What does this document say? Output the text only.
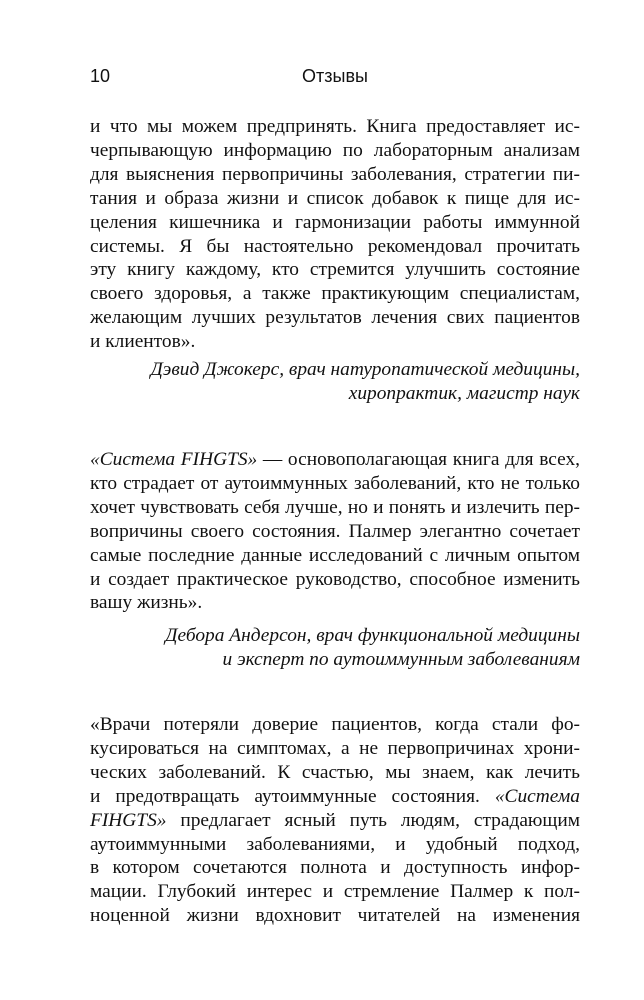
10	Отзывы
и что мы можем предпринять. Книга предоставляет ис-
черпывающую информацию по лабораторным анализам
для выяснения первопричины заболевания, стратегии пи-
тания и образа жизни и список добавок к пище для ис-
целения кишечника и гармонизации работы иммунной
системы. Я бы настоятельно рекомендовал прочитать
эту книгу каждому, кто стремится улучшить состояние
своего здоровья, а также практикующим специалистам,
желающим лучших результатов лечения свих пациентов
и клиентов».
Дэвид Джокерс, врач натуропатической медицины,
хиропрактик, магистр наук
«Система FIHGTS» — основополагающая книга для всех,
кто страдает от аутоиммунных заболеваний, кто не только
хочет чувствовать себя лучше, но и понять и излечить пер-
вопричины своего состояния. Палмер элегантно сочетает
самые последние данные исследований с личным опытом
и создает практическое руководство, способное изменить
вашу жизнь».
Дебора Андерсон, врач функциональной медицины
и эксперт по аутоиммунным заболеваниям
«Врачи потеряли доверие пациентов, когда стали фо-
кусироваться на симптомах, а не первопричинах хрони-
ческих заболеваний. К счастью, мы знаем, как лечить
и предотвращать аутоиммунные состояния. «Система
FIHGTS» предлагает ясный путь людям, страдающим
аутоиммунными заболеваниями, и удобный подход,
в котором сочетаются полнота и доступность инфор-
мации. Глубокий интерес и стремление Палмер к пол-
ноценной жизни вдохновит читателей на изменения
